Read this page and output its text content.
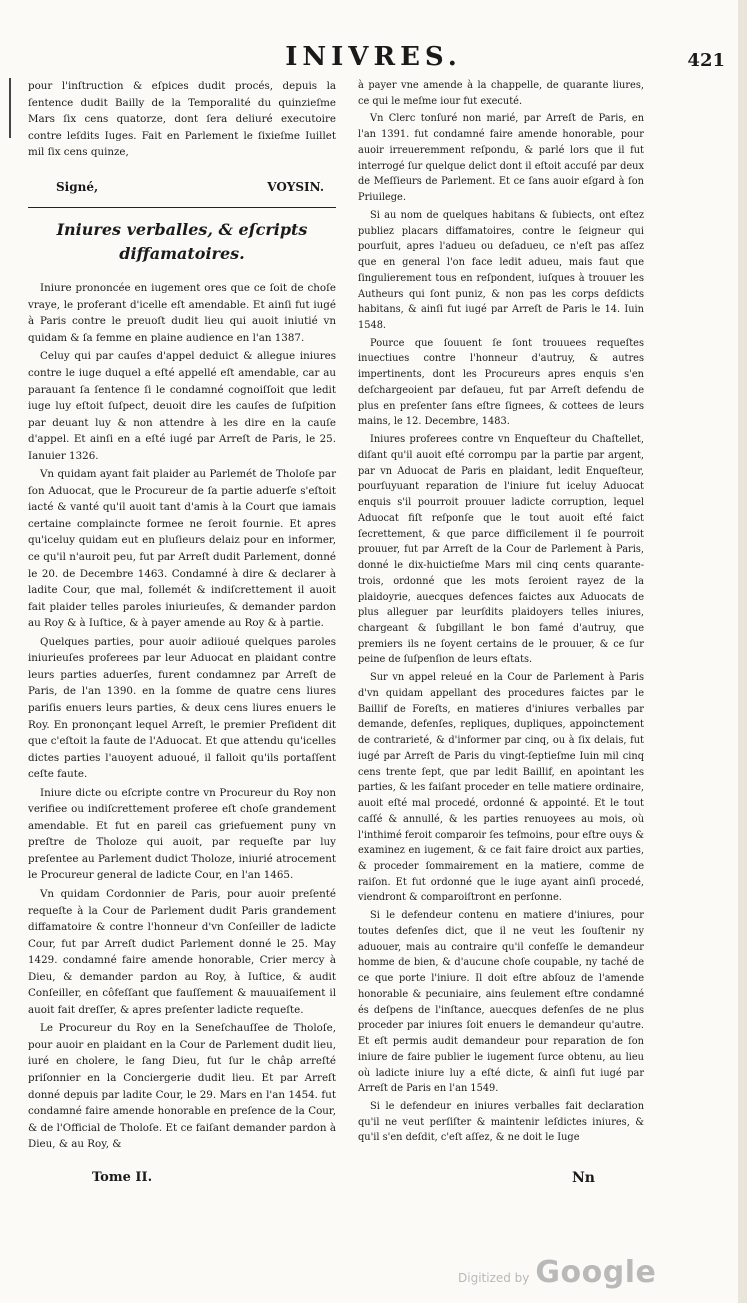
INIVRES.	421

pour l'inſtruction & eſpices dudit procés, depuis la ſentence dudit Bailly de la Temporalité du quinzieſme Mars ſix cens quatorze, dont ſera deliuré executoire contre leſdits Iuges. Fait en Parlement le ſixieſme Iuillet mil ſix cens quinze,

Signé,	VOYSIN.
Iniures verballes, & eſcripts diffamatoires.

Iniure prononcée en iugement ores que ce ſoit de choſe vraye, le proferant d'icelle eſt amendable. Et ainſi fut iugé à Paris contre le preuoſt dudit lieu qui auoit iniutié vn quidam & ſa femme en plaine audience en l'an 1387.

Celuy qui par cauſes d'appel deduict & allegue iniures contre le iuge duquel a eſté appellé eſt amendable, car au parauant ſa ſentence ſi le condamné cognoiſſoit que ledit iuge luy eſtoit ſuſpect, deuoit dire les cauſes de ſuſpition par deuant luy & non attendre à les dire en la cauſe d'appel. Et ainſi en a eſté iugé par Arreſt de Paris, le 25. Ianuier 1326.

Vn quidam ayant fait plaider au Parlemét de Tholoſe par ſon Aduocat, que le Procureur de ſa partie aduerſe s'eſtoit iacté & vanté qu'il auoit tant d'amis à la Court que iamais certaine complaincte formee ne ſeroit fournie. Et apres qu'iceluy quidam eut en pluſieurs delaiz pour en informer, ce qu'il n'auroit peu, fut par Arreſt dudit Parlement, donné le 20. de Decembre 1463. Condamné à dire & declarer à ladite Cour, que mal, follemét & indiſcrettement il auoit fait plaider telles paroles iniurieuſes, & demander pardon au Roy & à Iuſtice, & à payer amende au Roy & à partie.

Quelques parties, pour auoir adiioué quelques paroles iniurieuſes proferees par leur Aduocat en plaidant contre leurs parties aduerſes, furent condamnez par Arreſt de Paris, de l'an 1390. en la ſomme de quatre cens liures pariſis enuers leurs parties, & deux cens liures enuers le Roy. En prononçant lequel Arreſt, le premier Preſident dit que c'eſtoit la faute de l'Aduocat. Et que attendu qu'icelles dictes parties l'auoyent aduoué, il falloit qu'ils portaſſent ceſte faute.

Iniure dicte ou eſcripte contre vn Procureur du Roy non verifiee ou indiſcrettement proferee eſt choſe grandement amendable. Et fut en pareil cas griefuement puny vn preſtre de Tholoze qui auoit, par requeſte par luy preſentee au Parlement dudict Tholoze, iniurié atrocement le Procureur general de ladicte Cour, en l'an 1465.

Vn quidam Cordonnier de Paris, pour auoir preſenté requeſte à la Cour de Parlement dudit Paris grandement diffamatoire & contre l'honneur d'vn Conſeiller de ladicte Cour, fut par Arreſt dudict Parlement donné le 25. May 1429. condamné faire amende honorable, Crier mercy à Dieu, & demander pardon au Roy, à Iuſtice, & audit Conſeiller, en côfeſſant que fauſſement & mauuaiſement il auoit fait dreſſer, & apres preſenter ladicte requeſte.

Le Procureur du Roy en la Seneſchauſſee de Tholoſe, pour auoir en plaidant en la Cour de Parlement dudit lieu, iuré en cholere, le ſang Dieu, fut ſur le châp arreſté priſonnier en la Conciergerie dudit lieu. Et par Arreſt donné depuis par ladite Cour, le 29. Mars en l'an 1454. fut condamné faire amende honorable en preſence de la Cour, & de l'Official de Tholoſe. Et ce faiſant demander pardon à Dieu, & au Roy, &

à payer vne amende à la chappelle, de quarante liures, ce qui le meſme iour fut executé.

Vn Clerc tonſuré non marié, par Arreſt de Paris, en l'an 1391. fut condamné faire amende honorable, pour auoir irreueremment reſpondu, & parlé lors que il fut interrogé ſur quelque delict dont il eſtoit accuſé par deux de Meſſieurs de Parlement. Et ce ſans auoir eſgard à ſon Priuilege.

Si au nom de quelques habitans & ſubiects, ont eſtez publiez placars diffamatoires, contre le ſeigneur qui pourſuit, apres l'adueu ou deſadueu, ce n'eſt pas aſſez que en general l'on face ledit adueu, mais faut que ſingulierement tous en reſpondent, iuſques à trouuer les Autheurs qui ſont puniz, & non pas les corps deſdicts habitans, & ainſi fut iugé par Arreſt de Paris le 14. Iuin 1548.

Pource que ſouuent ſe ſont trouuees requeſtes inuectiues contre l'honneur d'autruy, & autres impertinents, dont les Procureurs apres enquis s'en deſchargeoient par deſaueu, fut par Arreſt defendu de plus en preſenter ſans eſtre ſignees, & cottees de leurs mains, le 12. Decembre, 1483.

Iniures proferees contre vn Enqueſteur du Chaſtellet, diſant qu'il auoit eſté corrompu par la partie par argent, par vn Aduocat de Paris en plaidant, ledit Enqueſteur, pourſuyuant reparation de l'iniure fut iceluy Aduocat enquis s'il pourroit prouuer ladicte corruption, lequel Aduocat fiſt reſponſe que le tout auoit eſté faict ſecrettement, & que parce difficilement il ſe pourroit prouuer, fut par Arreſt de la Cour de Parlement à Paris, donné le dix-huictieſme Mars mil cinq cents quarante-trois, ordonné que les mots ſeroient rayez de la plaidoyrie, auecques defences faictes aux Aduocats de plus alleguer par leurſdits plaidoyers telles iniures, chargeant & ſubgillant le bon famé d'autruy, que premiers ils ne ſoyent certains de le prouuer, & ce ſur peine de ſuſpenſion de leurs eſtats.

Sur vn appel releué en la Cour de Parlement à Paris d'vn quidam appellant des procedures faictes par le Baillif de Foreſts, en matieres d'iniures verballes par demande, defenſes, repliques, dupliques, appoinctement de contrarieté, & d'informer par cinq, ou à ſix delais, fut iugé par Arreſt de Paris du vingt-ſeptieſme Iuin mil cinq cens trente ſept, que par ledit Baillif, en apointant les parties, & les faiſant proceder en telle matiere ordinaire, auoit eſté mal procedé, ordonné & appointé. Et le tout caſſé & annullé, & les parties renuoyees au mois, où l'inthimé feroit comparoir ſes teſmoins, pour eſtre ouys & examinez en iugement, & ce fait faire droict aux parties, & proceder ſommairement en la matiere, comme de raiſon. Et fut ordonné que le iuge ayant ainſi procedé, viendront & comparoiſtront en perſonne.

Si le defendeur contenu en matiere d'iniures, pour toutes defenſes dict, que il ne veut les ſouſtenir ny aduouer, mais au contraire qu'il confeſſe le demandeur homme de bien, & d'aucune choſe coupable, ny taché de ce que porte l'iniure. Il doit eſtre abſouz de l'amende honorable & pecuniaire, ains ſeulement eſtre condamné és deſpens de l'inſtance, auecques defenſes de ne plus proceder par iniures ſoit enuers le demandeur qu'autre. Et eſt permis audit demandeur pour reparation de ſon iniure de faire publier le iugement ſurce obtenu, au lieu où ladicte iniure luy a eſté dicte, & ainſi fut iugé par Arreſt de Paris en l'an 1549.

Si le defendeur en iniures verballes fait declaration qu'il ne veut perſiſter & maintenir leſdictes iniures, & qu'il s'en deſdit, c'eſt aſſez, & ne doit le Iuge

Tome II.	Nn
Digitized by Google
